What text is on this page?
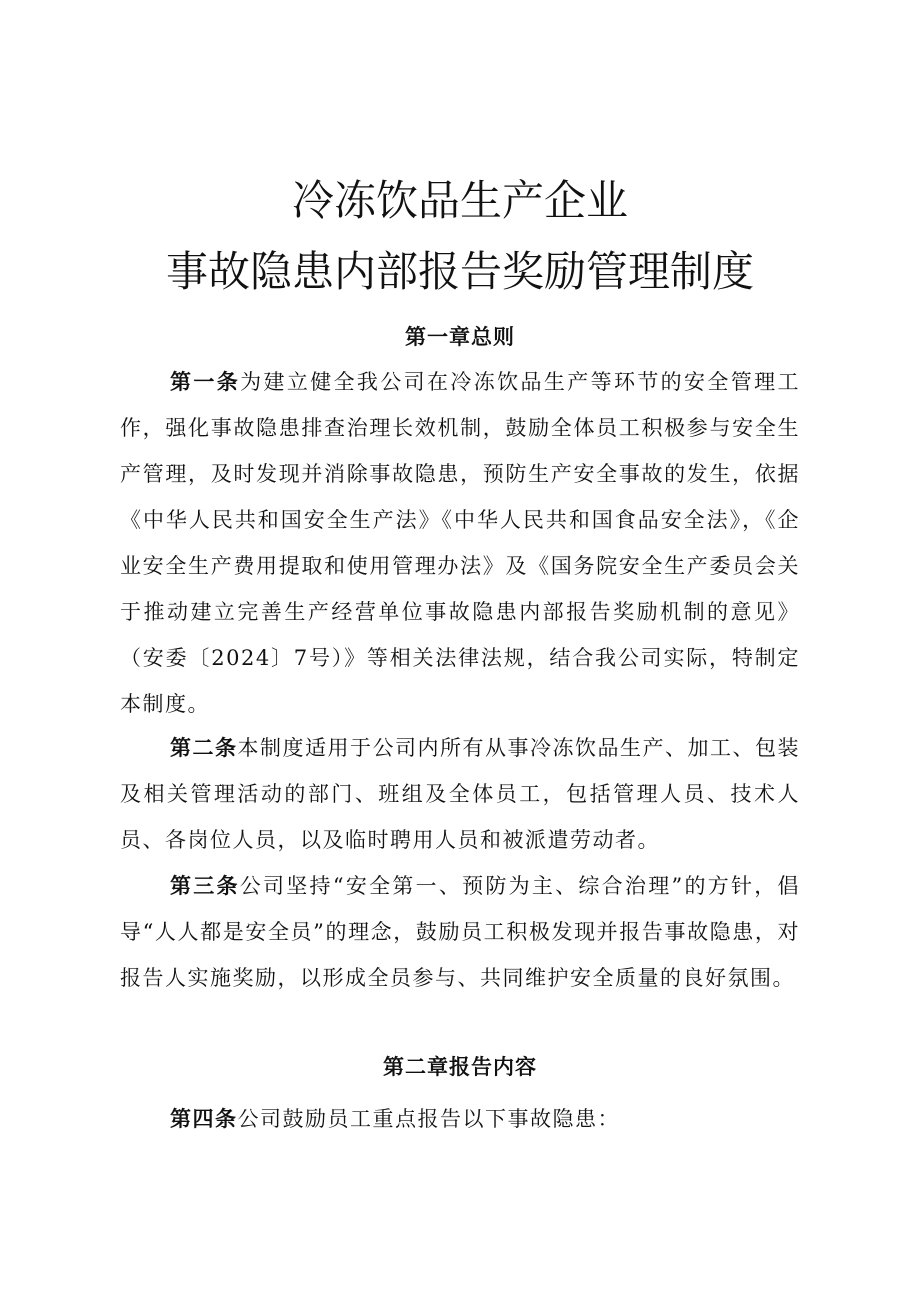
冷冻饮品生产企业
事故隐患内部报告奖励管理制度
第一章总则

第一条为建立健全我公司在冷冻饮品生产等环节的安全管理工作，强化事故隐患排查治理长效机制，鼓励全体员工积极参与安全生产管理，及时发现并消除事故隐患，预防生产安全事故的发生，依据《中华人民共和国安全生产法》《中华人民共和国食品安全法》，《企业安全生产费用提取和使用管理办法》及《国务院安全生产委员会关于推动建立完善生产经营单位事故隐患内部报告奖励机制的意见》（安委〔2024〕7号）》等相关法律法规，结合我公司实际，特制定本制度。

第二条本制度适用于公司内所有从事冷冻饮品生产、加工、包装及相关管理活动的部门、班组及全体员工，包括管理人员、技术人员、各岗位人员，以及临时聘用人员和被派遣劳动者。

第三条公司坚持“安全第一、预防为主、综合治理”的方针，倡导“人人都是安全员”的理念，鼓励员工积极发现并报告事故隐患，对报告人实施奖励，以形成全员参与、共同维护安全质量的良好氛围。

第二章报告内容

第四条公司鼓励员工重点报告以下事故隐患：
